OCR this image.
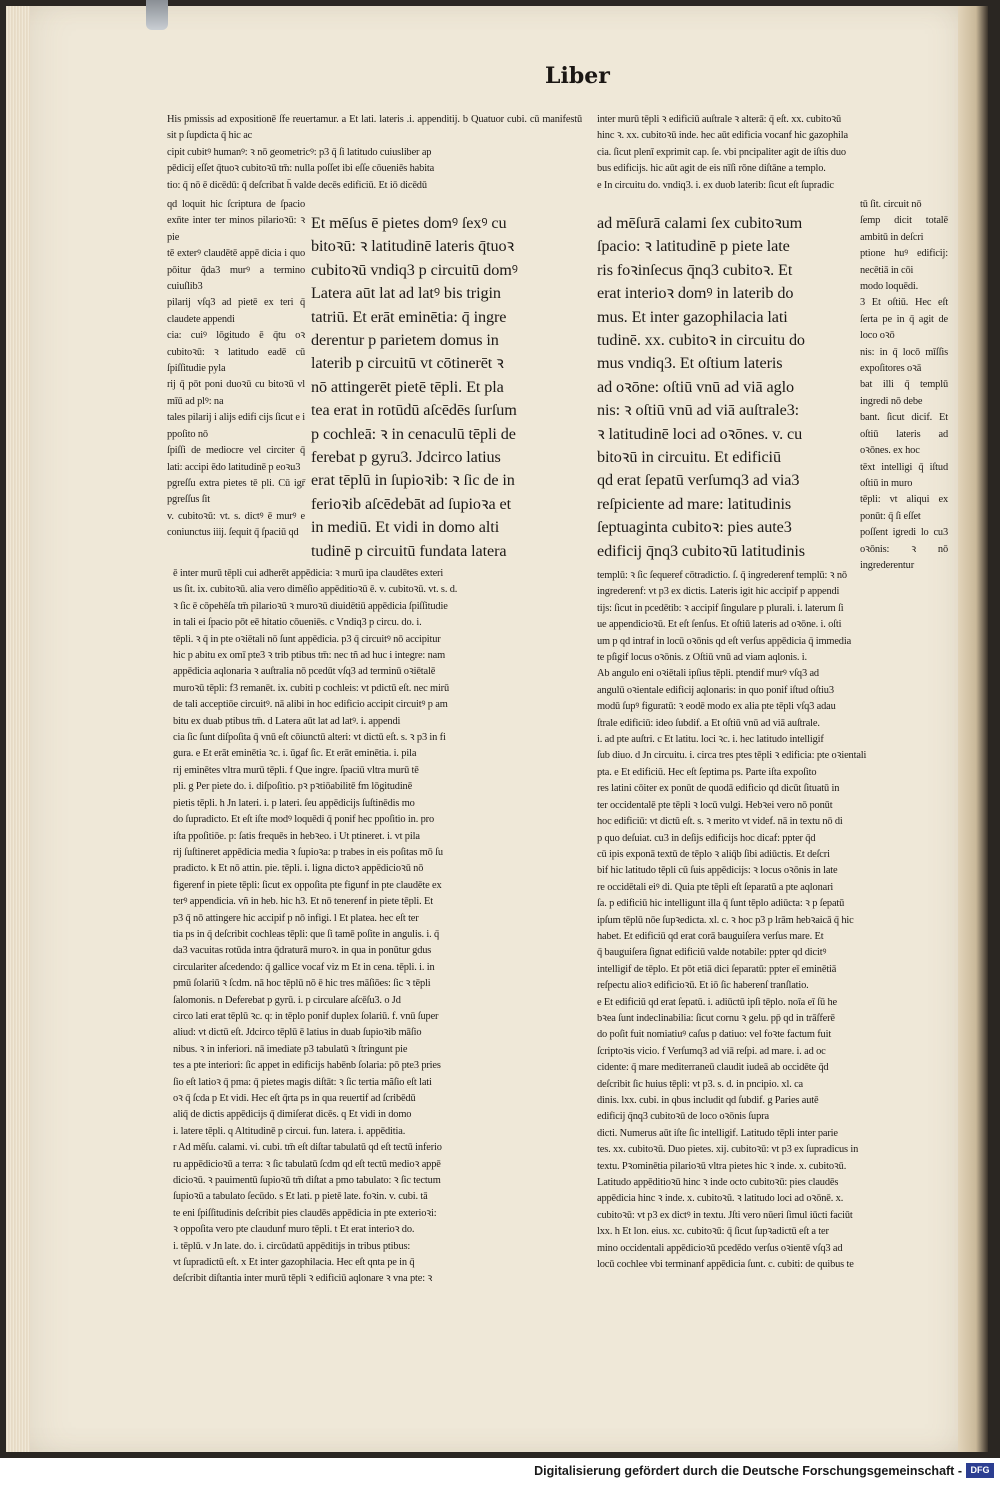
Liber

His pmissis ad expositionē ſfe reuertamur. a Et lati. lateris .i. appenditij. b Quatuor cubi. cū manifestū sit p ſupdicta q̄ hic ac

cipit cubitꝰ humanꝰ: ꝛ nō geometricꝰ: p3 q̄ ſi latitudo cuiusliber ap

pēdicij eſſet q̄tuoꝛ cubitoꝛū tm̄: nulla poſſet ibi eſſe cōueniēs habita

tio: q̄ nō ē dicēdū: q̄ deſcribat h̄ valde decēs edificiū. Et iō dicēdū

qd loquit hic ſcriptura de ſpacio exn̄te inter ter minos pilarioꝛū: ꝛ pie

tē exterꝰ claudētē appē dicia i quo pōitur q̄da3 murꝰ a termino cuiuſlib3

pilarij vſq3 ad pietē ex teri q̄ claudete appendi

cia: cuiꝰ lōgitudo ē q̄tu oꝛ cubitoꝛū: ꝛ latitudo eadē cū ſpiſſitudie pyla

rij q̄ pōt poni duoꝛū cu bitoꝛū vl mīū ad plꝰ: na

tales pilarij i alijs edifi cijs ſicut e i ppoſito nō

ſpiſſi de mediocre vel circiter q̄ lati: accipi ēdo latitudinē p eoꝛu3

pgreſſu extra pietes tē pli. Cū igr̄ pgreſſus ſit

v. cubitoꝛū: vt. s. dictꝰ ē murꝰ e coniunctus iiij. ſequit q̄ ſpaciū qd

Et mēſus ē pietes domꝰ ſexꝰ cu

bitoꝛū: ꝛ latitudinē lateris q̄tuoꝛ

cubitoꝛū vndiq3 p circuitū domꝰ

Latera aūt lat ad latꝰ bis trigin

tatriū. Et erāt eminētia: q̄ ingre

derentur p parietem domus in

laterib p circuitū vt cōtinerēt ꝛ

nō attingerēt pietē tēpli. Et pla

tea erat in rotūdū aſcēdēs ſurſum

p cochleā: ꝛ in cenaculū tēpli de

ferebat p gyru3. Jdcirco latius

erat tēplū in ſupioꝛib: ꝛ ſic de in

ferioꝛib aſcēdebāt ad ſupioꝛa et

in mediū. Et vidi in domo alti

tudinē p circuitū fundata latera

ad mēſurā calami ſex cubitoꝛum

ſpacio: ꝛ latitudinē p piete late

ris foꝛinſecus q̄nq3 cubitoꝛ. Et

erat interioꝛ domꝰ in laterib do

mus. Et inter gazophilacia lati

tudinē. xx. cubitoꝛ in circuitu do

mus vndiq3. Et oſtium lateris

ad oꝛōne: oſtiū vnū ad viā aglo

nis: ꝛ oſtiū vnū ad viā auſtrale3:

ꝛ latitudinē loci ad oꝛōnes. v. cu

bitoꝛū in circuitu. Et edificiū

qd erat ſepatū verſumq3 ad via3

reſpiciente ad mare: latitudinis

ſeptuaginta cubitoꝛ: pies aute3

edificij q̄nq3 cubitoꝛū latitudinis

inter murū tēpli ꝛ edificiū auſtrale ꝛ alterā: q̄ eſt. xx. cubitoꝛū

hinc ꝛ. xx. cubitoꝛū inde. hec aūt edificia vocanf hic gazophila

cia. ſicut plenī exprimit cap. ſe. vbi pncipaliter agit de iſtis duo

bus edificijs. hic aūt agit de eis nīſi rōne diſtāne a templo.

e In circuitu do. vndiq3. i. ex duob laterib: ſicut eſt ſupradic

tū ſit. circuit nō

ſemp dicit totalē ambitū in deſcri

ptione huꝰ edificij: necētiā in cōi

modo loquēdi.

3 Et oſtiū. Hec eſt ſerta pe in q̄ agit de loco oꝛō

nis: in q̄ locō mīſſis expoſitores oꝛā

bat illi q̄ templū ingredi nō debe

bant. ſicut dicif. Et oſtiū lateris ad oꝛōnes. ex hoc

tēxt intelligi q̄ iſtud oſtiū in muro

tēpli: vt aliqui ex ponūt: q̄ ſi eſſet

poſſent igredi lo cu3 oꝛōnis: ꝛ nō ingrederentur

ē inter murū tēpli cui adherēt appēdicia: ꝛ murū ipa claudētes exteri

us ſit. ix. cubitoꝛū. alia vero dimēſio appēditioꝛū ē. v. cubitoꝛū. vt. s. d.

ꝛ ſic ē cōpehēſa tm̄ pilarioꝛū ꝛ muroꝛū diuidētiū appēdicia ſpiſſitudie

in tali ei ſpacio pōt eē hitatio cōueniēs. c Vndiq3 p circu. do. i.

tēpli. ꝛ q̄ in pte oꝛiētali nō ſunt appēdicia. p3 q̄ circuitꝰ nō accipitur

hic p abitu ex omī pte3 ꝛ trib ptibus tm̄: nec tñ ad huc i integre: nam

appēdicia aqlonaria ꝛ auſtralia nō pcedūt vſq3 ad terminū oꝛiētalē

muroꝛū tēpli: f3 remanēt. ix. cubiti p cochleis: vt pdictū eſt. nec mirū

de tali acceptiōe circuitꝰ. nā alibi in hoc edificio accipit circuitꝰ p am

bitu ex duab ptibus tm̄. d Latera aūt lat ad latꝰ. i. appendi

cia ſic ſunt diſpoſita q̄ vnū eſt cōiunctū alteri: vt dictū eſt. s. ꝛ p3 in fi

gura. e Et erāt eminētia ꝛc. i. ūgaf ſic. Et erāt eminētia. i. pila

rij eminētes vltra murū tēpli. f Que ingre. ſpaciū vltra murū tē

pli. g Per piete do. i. diſpoſitio. pꝛ pꝛtiōabilitē fm lōgitudinē

pietis tēpli. h Jn lateri. i. p lateri. ſeu appēdicijs ſuſtinēdis mo

do ſupradicto. Et eſt iſte modꝰ loquēdi q̄ ponif hec ppoſitio in. pro

iſta ppoſitiōe. p: ſatis frequēs in hebꝛeo. i Ut ptineret. i. vt pila

rij ſuſtineret appēdicia media ꝛ ſupioꝛa: p trabes in eis poſitas mō ſu

pradicto. k Et nō attin. pie. tēpli. i. ligna dictoꝛ appēdicioꝛū nō

figerenf in piete tēpli: ſicut ex oppoſita pte figunf in pte claudēte ex

terꝰ appendicia. vñ in heb. hic h3. Et nō tenerenf in piete tēpli. Et

p3 q̄ nō attingere hic accipif p nō infigi. l Et platea. hec eſt ter

tia ps in q̄ deſcribit cochleas tēpli: que ſi tamē poſite in angulis. i. q̄

da3 vacuitas rotūda intra q̄draturā muroꝛ. in qua in ponūtur gdus

circulariter aſcedendo: q̄ gallice vocaf viz m Et in cena. tēpli. i. in

pmū ſolariū ꝛ ſcdm. nā hoc tēplū nō ē hic tres māſiōes: ſic ꝛ tēpli

ſalomonis. n Deferebat p gyrū. i. p circulare aſcēſu3. o Jd

circo lati erat tēplū ꝛc. q: in tēplo ponif duplex ſolariū. f. vnū ſuper

aliud: vt dictū eſt. Jdcirco tēplū ē latius in duab ſupioꝛib māſio

nibus. ꝛ in inferiori. nā imediate p3 tabulatū ꝛ ſtringunt pie

tes a pte interiori: ſic appet in edificijs habēnb ſolaria: pō pte3 pries

ſio eſt latioꝛ q̄ pma: q̄ pietes magis diſtāt: ꝛ ſic tertia mãſio eſt lati

oꝛ q̄ ſcda p Et vidi. Hec eſt q̄rta ps in qua reuertif ad ſcribēdū

aliq̄ de dictis appēdicijs q̄ dimiſerat dicēs. q Et vidi in domo

i. latere tēpli. q Altitudinē p circui. fun. latera. i. appēditia.

r Ad mēſu. calami. vi. cubi. tm̄ eſt diſtar tabulatū qd eſt tectū inferio

ru appēdicioꝛū a terra: ꝛ ſic tabulatū ſcdm qd eſt tectū medioꝛ appē

dicioꝛū. ꝛ pauimentū ſupioꝛū tm̄ diſtat a pmo tabulato: ꝛ ſic tectum

ſupioꝛū a tabulato ſecūdo. s Et lati. p pietē late. foꝛin. v. cubi. tā

te eni ſpiſſitudinis deſcribit pies claudēs appēdicia in pte exterioꝛi:

ꝛ oppoſita vero pte claudunf muro tēpli. t Et erat interioꝛ do.

i. tēplū. v Jn late. do. i. circūdatū appēditijs in tribus ptibus:

vt ſupradictū eſt. x Et inter gazophilacia. Hec eſt qnta pe in q̄

deſcribit diſtantia inter murū tēpli ꝛ edificiū aqlonare ꝛ vna pte: ꝛ

templū: ꝛ ſic ſequeref cōtradictio. ſ. q̄ ingrederenf templū: ꝛ nō

ingrederenf: vt p3 ex dictis. Lateris igit hic accipif p appendi

tijs: ſicut in pcedētib: ꝛ accipif ſingulare p plurali. i. laterum ſi

ue appendicioꝛū. Et eſt ſenſus. Et oſtiū lateris ad oꝛōne. i. oſti

um p qd intraf in locū oꝛōnis qd eſt verſus appēdicia q̄ immedia

te pſigif locus oꝛōnis. z Oſtiū vnū ad viam aqlonis. i.

Ab angulo eni oꝛiētali ipſius tēpli. ptendif murꝰ vſq3 ad

angulū oꝛientale edificij aqlonaris: in quo ponif iſtud oſtiu3

modū ſupꝰ figuratū: ꝛ eodē modo ex alia pte tēpli vſq3 adau

ſtrale edificiū: ideo ſubdif. a Et oſtiū vnū ad viā auſtrale.

i. ad pte auſtri. c Et latitu. loci ꝛc. i. hec latitudo intelligif

ſub diuo. d Jn circuitu. i. circa tres ptes tēpli ꝛ edificia: pte oꝛientali

pta. e Et edificiū. Hec eſt ſeptima ps. Parte iſta expoſito

res latini cōiter ex ponūt de quodā edificio qd dicūt ſituatū in

ter occidentalē pte tēpli ꝛ locū vulgi. Hebꝛei vero nō ponūt

hoc edificiū: vt dictū eſt. s. ꝛ merito vt videf. nā in textu nō di

p quo deſuiat. cu3 in deſijs edificijs hoc dicaf: ppter q̄d

cū ipis exponā textū de tēplo ꝛ aliq̄b ſibi adiūctis. Et deſcri

bif hic latitudo tēpli cū ſuis appēdicijs: ꝛ locus oꝛōnis in late

re occidētali eiꝰ di. Quia pte tēpli eſt ſeparatū a pte aqlonari

ſa. p edificiū hic intelligunt illa q̄ ſunt tēplo adiūcta: ꝛ p ſepatū

ipſum tēplū nōe ſupꝛedicta. xl. c. ꝛ hoc p3 p lrām hebꝛaicā q̄ hic

habet. Et edificiū qd erat corā bauguiſera verſus mare. Et

q̄ bauguiſera ſignat edificiū valde notabile: ppter qd dicitꝰ

intelligif de tēplo. Et pōt etiā dici ſeparatū: ppter eī eminētiā

reſpectu alioꝛ edificioꝛū. Et iō ſic haberenſ tranſlatio.

e Et edificiū qd erat ſepatū. i. adiūctū ipſi tēplo. noīa eī ſū he

bꝛea ſunt indeclinabilia: ſicut cornu ꝛ gelu. pp̄ qd in trāſferē

do poſit fuit nomiatiuꝰ caſus p datiuo: vel foꝛte factum fuit

ſcriptoꝛis vicio. f Verſumq3 ad viā reſpi. ad mare. i. ad oc

cidente: q̄ mare mediterraneū claudit iudeā ab occidēte q̄d

deſcribit ſic huius tēpli: vt p3. s. d. in pncipio. xl. ca

dinis. lxx. cubi. in qbus includit qd ſubdif. g Paries autē

edificij q̄nq3 cubitoꝛū de loco oꝛōnis ſupra

dicti. Numerus aūt iſte ſic intelligif. Latitudo tēpli inter parie

tes. xx. cubitoꝛū. Duo pietes. xij. cubitoꝛū: vt p3 ex ſupradicus in

textu. Pꝛominētia pilarioꝛū vltra pietes hic ꝛ inde. x. cubitoꝛū.

Latitudo appēditioꝛū hinc ꝛ inde octo cubitoꝛū: pies claudēs

appēdicia hinc ꝛ inde. x. cubitoꝛū. ꝛ latitudo loci ad oꝛōnē. x.

cubitoꝛū: vt p3 ex dictꝰ in textu. Jſti vero nūeri ſimul iūcti faciūt

lxx. h Et lon. eius. xc. cubitoꝛū: q̄ ſicut ſupꝛadictū eſt a ter

mino occidentali appēdicioꝛū pcedēdo verſus oꝛientē vſq3 ad

locū cochlee vbi terminanf appēdicia ſunt. c. cubiti: de quibus te

Digitalisierung gefördert durch die Deutsche Forschungsgemeinschaft - DFG
